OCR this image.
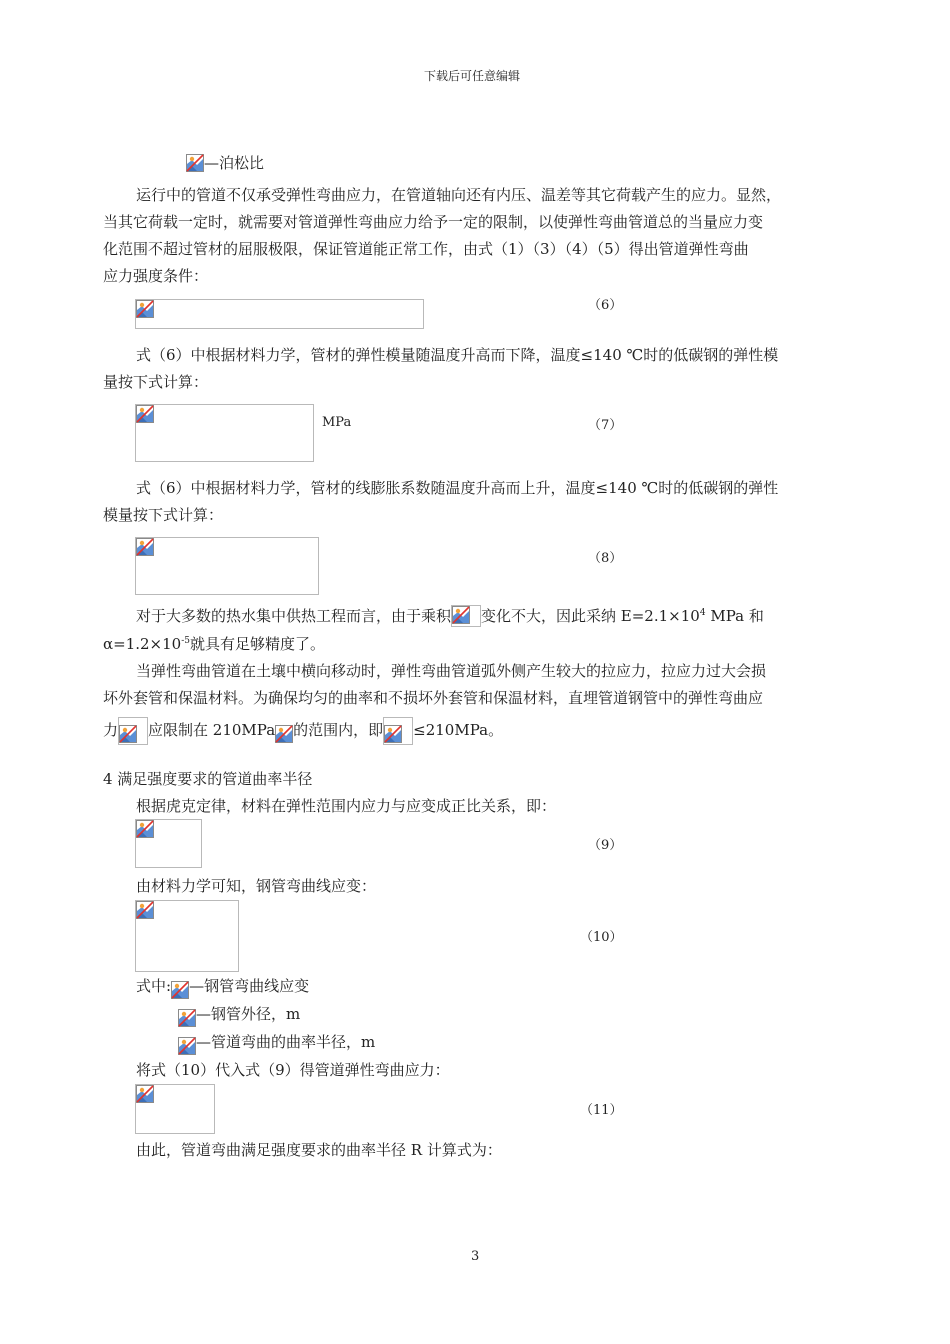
下载后可任意编辑
—泊松比
运行中的管道不仅承受弹性弯曲应力，在管道轴向还有内压、温差等其它荷载产生的应力。显然，
当其它荷载一定时，就需要对管道弹性弯曲应力给予一定的限制，以使弹性弯曲管道总的当量应力变
化范围不超过管材的屈服极限，保证管道能正常工作，由式（1）（3）（4）（5）得出管道弹性弯曲
应力强度条件：
（6）
式（6）中根据材料力学，管材的弹性模量随温度升高而下降，温度≤140 ℃时的低碳钢的弹性模
量按下式计算：
MPa	（7）
式（6）中根据材料力学，管材的线膨胀系数随温度升高而上升，温度≤140 ℃时的低碳钢的弹性
模量按下式计算：
（8）
对于大多数的热水集中供热工程而言，由于乘积 变化不大，因此采纳 $E=2.1\times 10^4$ MPa 和
$\alpha=1.2\times 10^{-5}$就具有足够精度了。
当弹性弯曲管道在土壤中横向移动时，弹性弯曲管道弧外侧产生较大的拉应力，拉应力过大会损
坏外套管和保温材料。为确保均匀的曲率和不损坏外套管和保温材料，直埋管道钢管中的弹性弯曲应
力 应限制在 210MPa 的范围内，即 ≤210MPa。
4 满足强度要求的管道曲率半径
根据虎克定律，材料在弹性范围内应力与应变成正比关系，即：
（9）
由材料力学可知，钢管弯曲线应变：
（10）
式中: —钢管弯曲线应变
—钢管外径，m
—管道弯曲的曲率半径，m
将式（10）代入式（9）得管道弹性弯曲应力：
（11）
由此，管道弯曲满足强度要求的曲率半径 R 计算式为：
3
